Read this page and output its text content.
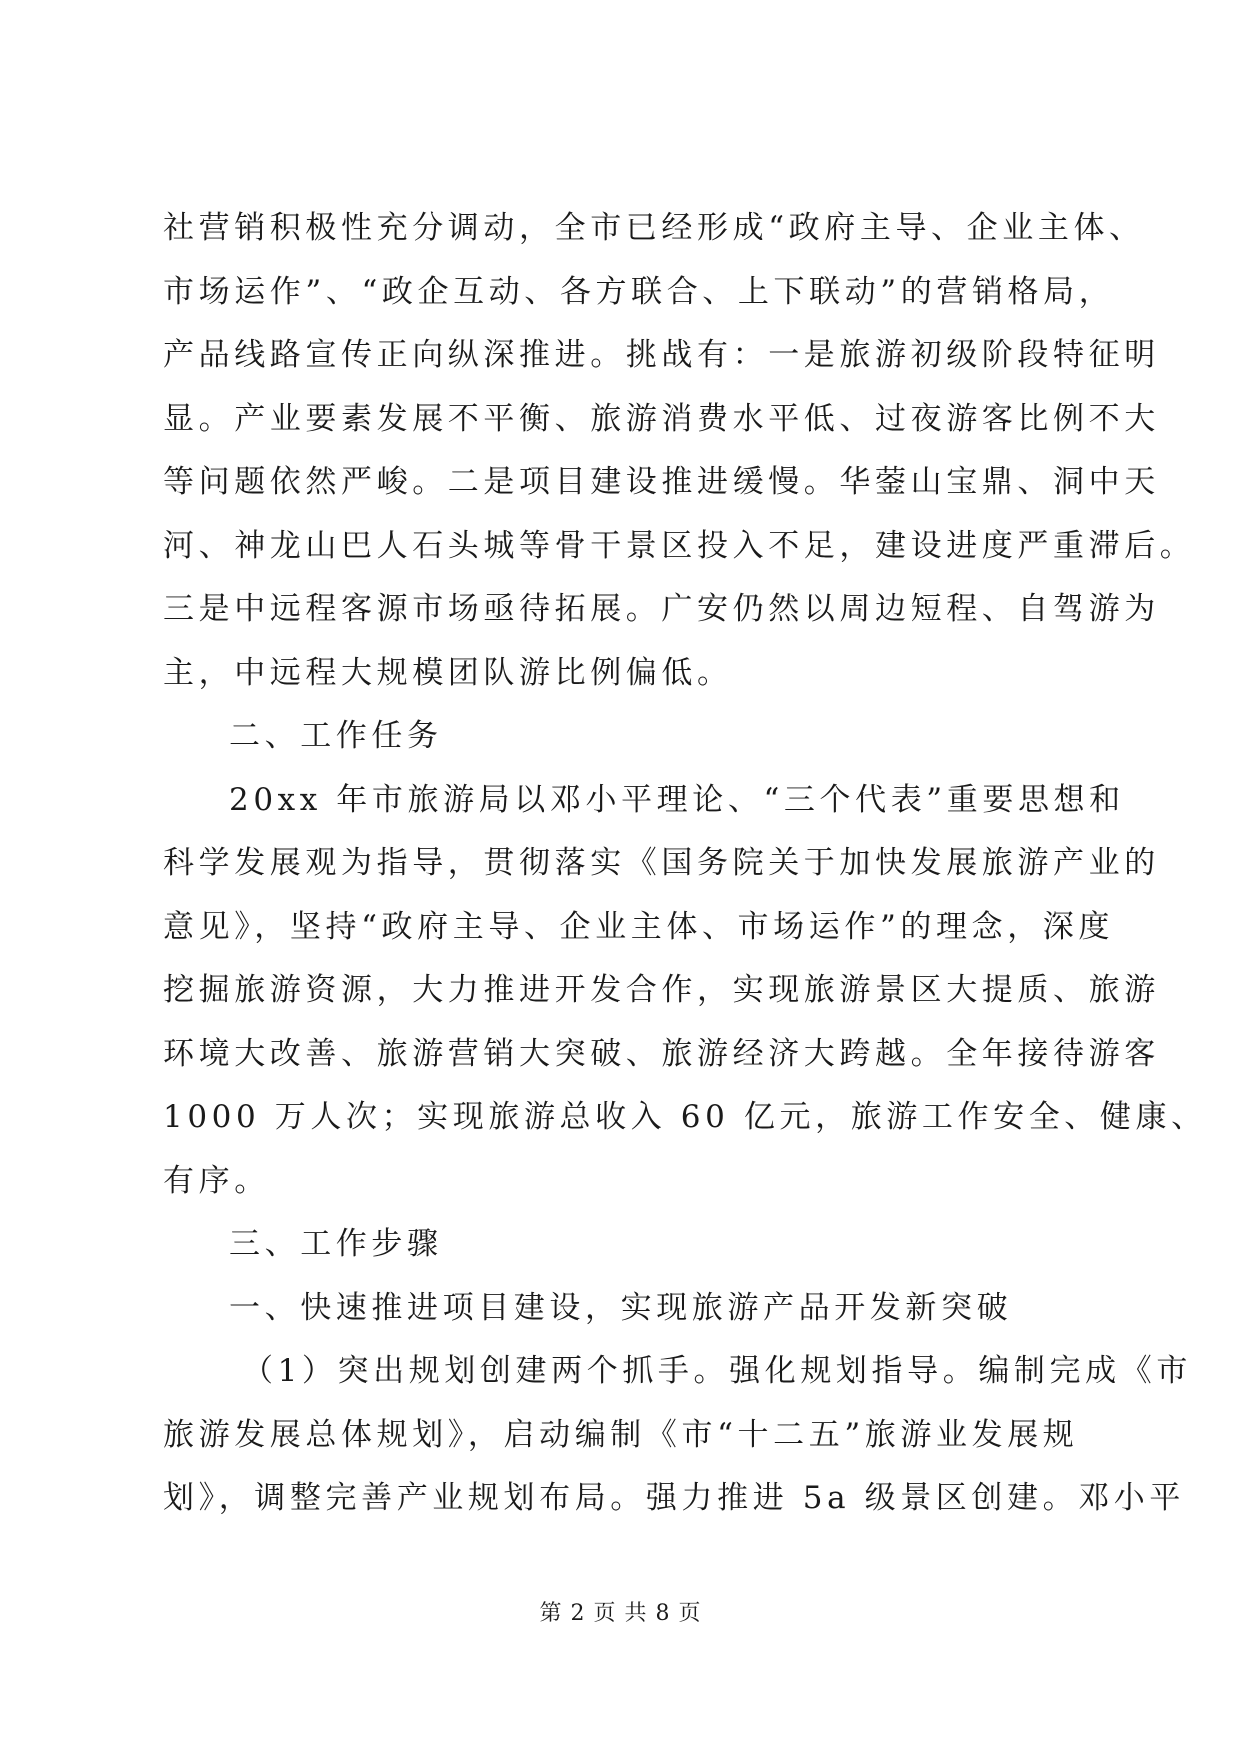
社营销积极性充分调动，全市已经形成“政府主导、企业主体、
市场运作”、“政企互动、各方联合、上下联动”的营销格局，
产品线路宣传正向纵深推进。挑战有：一是旅游初级阶段特征明
显。产业要素发展不平衡、旅游消费水平低、过夜游客比例不大
等问题依然严峻。二是项目建设推进缓慢。华蓥山宝鼎、洞中天
河、神龙山巴人石头城等骨干景区投入不足，建设进度严重滞后。
三是中远程客源市场亟待拓展。广安仍然以周边短程、自驾游为
主，中远程大规模团队游比例偏低。
二、工作任务
20xx 年市旅游局以邓小平理论、“三个代表”重要思想和
科学发展观为指导，贯彻落实《国务院关于加快发展旅游产业的
意见》，坚持“政府主导、企业主体、市场运作”的理念，深度
挖掘旅游资源，大力推进开发合作，实现旅游景区大提质、旅游
环境大改善、旅游营销大突破、旅游经济大跨越。全年接待游客
1000 万人次；实现旅游总收入 60 亿元，旅游工作安全、健康、
有序。
三、工作步骤
一、快速推进项目建设，实现旅游产品开发新突破
（1）突出规划创建两个抓手。强化规划指导。编制完成《市
旅游发展总体规划》，启动编制《市“十二五”旅游业发展规
划》，调整完善产业规划布局。强力推进 5a 级景区创建。邓小平
第 2 页 共 8 页
